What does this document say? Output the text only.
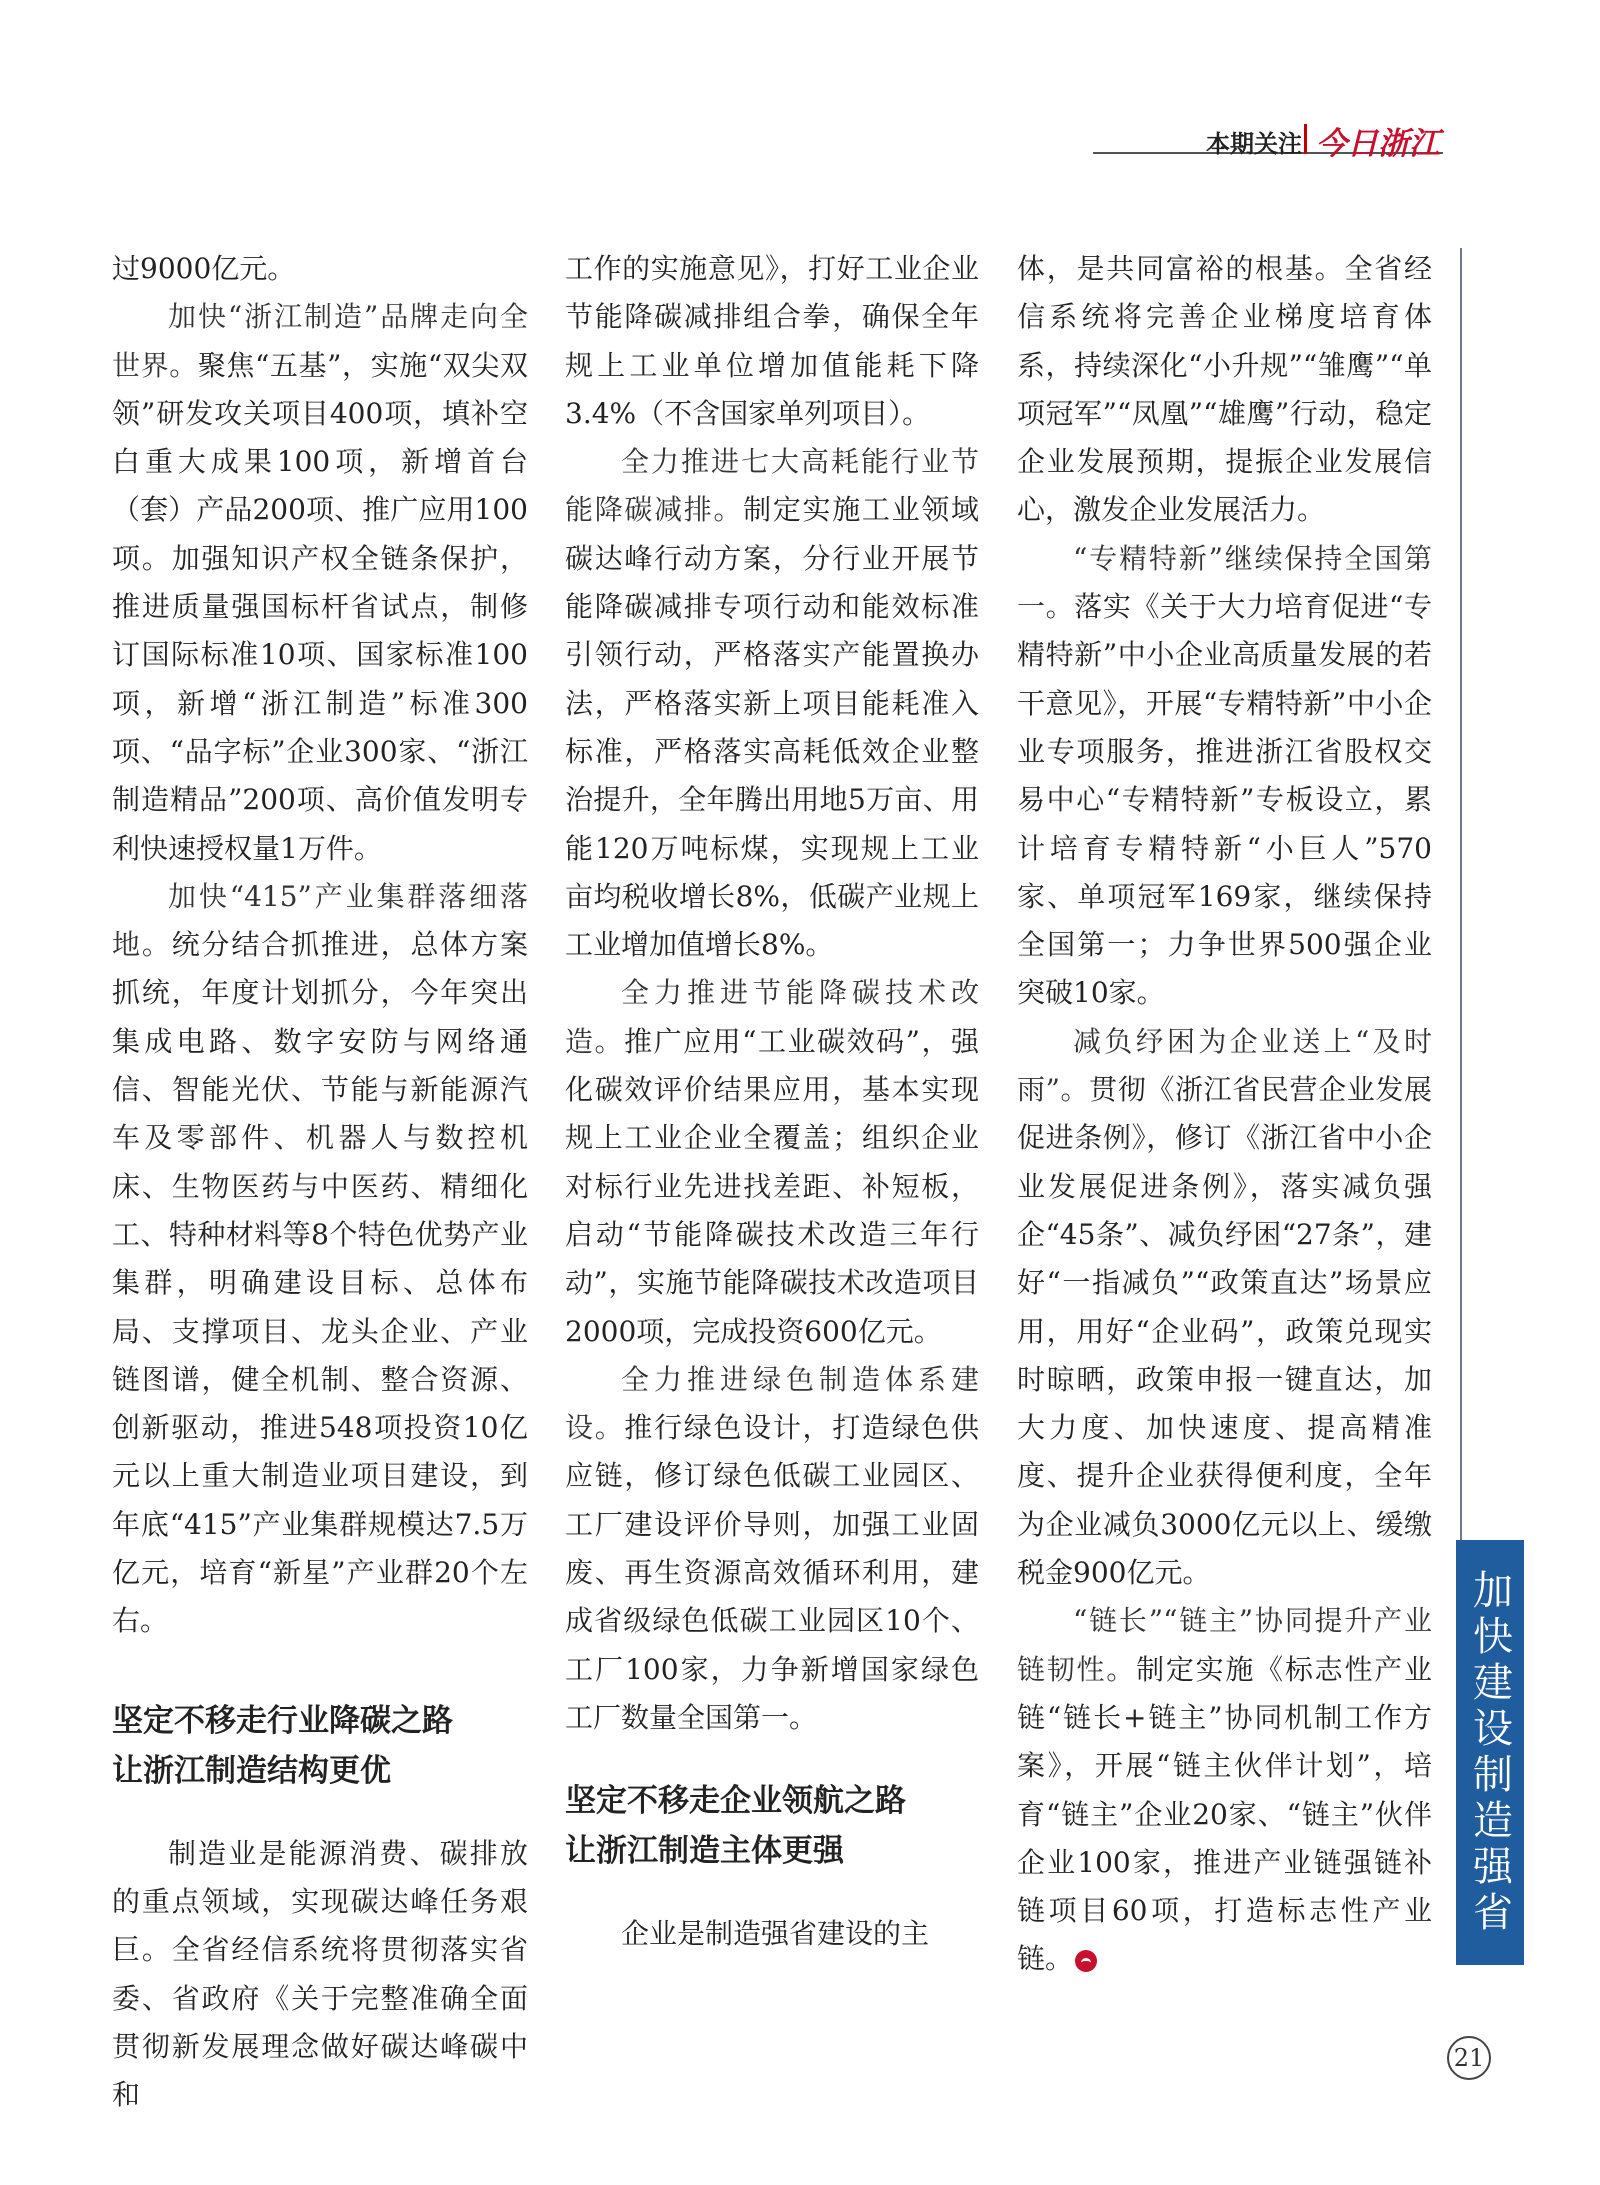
本期关注 今日浙江

过9000亿元。

加快“浙江制造”品牌走向全世界。聚焦“五基”，实施“双尖双领”研发攻关项目400项，填补空白重大成果100项，新增首台（套）产品200项、推广应用100项。加强知识产权全链条保护，推进质量强国标杆省试点，制修订国际标准10项、国家标准100项，新增“浙江制造”标准300项、“品字标”企业300家、“浙江制造精品”200项、高价值发明专利快速授权量1万件。

加快“415”产业集群落细落地。统分结合抓推进，总体方案抓统，年度计划抓分，今年突出集成电路、数字安防与网络通信、智能光伏、节能与新能源汽车及零部件、机器人与数控机床、生物医药与中医药、精细化工、特种材料等8个特色优势产业集群，明确建设目标、总体布局、支撑项目、龙头企业、产业链图谱，健全机制、整合资源、创新驱动，推进548项投资10亿元以上重大制造业项目建设，到年底“415”产业集群规模达7.5万亿元，培育“新星”产业群20个左右。

坚定不移走行业降碳之路
让浙江制造结构更优

制造业是能源消费、碳排放的重点领域，实现碳达峰任务艰巨。全省经信系统将贯彻落实省委、省政府《关于完整准确全面贯彻新发展理念做好碳达峰碳中和

工作的实施意见》，打好工业企业节能降碳减排组合拳，确保全年规上工业单位增加值能耗下降3.4%（不含国家单列项目）。

全力推进七大高耗能行业节能降碳减排。制定实施工业领域碳达峰行动方案，分行业开展节能降碳减排专项行动和能效标准引领行动，严格落实产能置换办法，严格落实新上项目能耗准入标准，严格落实高耗低效企业整治提升，全年腾出用地5万亩、用能120万吨标煤，实现规上工业亩均税收增长8%，低碳产业规上工业增加值增长8%。

全力推进节能降碳技术改造。推广应用“工业碳效码”，强化碳效评价结果应用，基本实现规上工业企业全覆盖；组织企业对标行业先进找差距、补短板，启动“节能降碳技术改造三年行动”，实施节能降碳技术改造项目2000项，完成投资600亿元。

全力推进绿色制造体系建设。推行绿色设计，打造绿色供应链，修订绿色低碳工业园区、工厂建设评价导则，加强工业固废、再生资源高效循环利用，建成省级绿色低碳工业园区10个、工厂100家，力争新增国家绿色工厂数量全国第一。

坚定不移走企业领航之路
让浙江制造主体更强

企业是制造强省建设的主

体，是共同富裕的根基。全省经信系统将完善企业梯度培育体系，持续深化“小升规”“雏鹰”“单项冠军”“凤凰”“雄鹰”行动，稳定企业发展预期，提振企业发展信心，激发企业发展活力。

“专精特新”继续保持全国第一。落实《关于大力培育促进“专精特新”中小企业高质量发展的若干意见》，开展“专精特新”中小企业专项服务，推进浙江省股权交易中心“专精特新”专板设立，累计培育专精特新“小巨人”570家、单项冠军169家，继续保持全国第一；力争世界500强企业突破10家。

减负纾困为企业送上“及时雨”。贯彻《浙江省民营企业发展促进条例》，修订《浙江省中小企业发展促进条例》，落实减负强企“45条”、减负纾困“27条”，建好“一指减负”“政策直达”场景应用，用好“企业码”，政策兑现实时晾晒，政策申报一键直达，加大力度、加快速度、提高精准度、提升企业获得便利度，全年为企业减负3000亿元以上、缓缴税金900亿元。

“链长”“链主”协同提升产业链韧性。制定实施《标志性产业链“链长+链主”协同机制工作方案》，开展“链主伙伴计划”，培育“链主”企业20家、“链主”伙伴企业100家，推进产业链强链补链项目60项，打造标志性产业链。

加快建设制造强省
21
